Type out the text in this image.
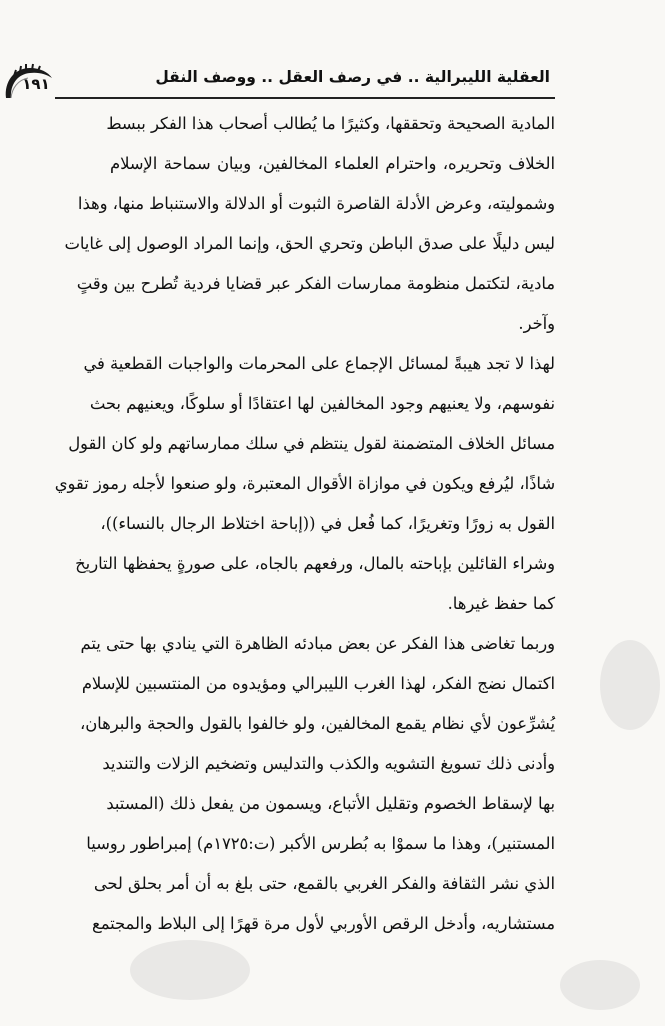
العقلية الليبرالية .. في رصف العقل .. ووصف النقل
١٩١
المادية الصحيحة وتحققها، وكثيرًا ما يُطالب أصحاب هذا الفكر ببسط
الخلاف وتحريره، واحترام العلماء المخالفين، وبيان سماحة الإسلام
وشموليته، وعرض الأدلة القاصرة الثبوت أو الدلالة والاستنباط منها، وهذا
ليس دليلًا على صدق الباطن وتحري الحق، وإنما المراد الوصول إلى غايات
مادية، لتكتمل منظومة ممارسات الفكر عبر قضايا فردية تُطرح بين وقتٍ
وآخر.
لهذا لا تجد هيبةً لمسائل الإجماع على المحرمات والواجبات القطعية في
نفوسهم، ولا يعنيهم وجود المخالفين لها اعتقادًا أو سلوكًا، ويعنيهم بحث
مسائل الخلاف المتضمنة لقول ينتظم في سلك ممارساتهم ولو كان القول
شاذًا، ليُرفع ويكون في موازاة الأقوال المعتبرة، ولو صنعوا لأجله رموز تقوي
القول به زورًا وتغريرًا، كما فُعل في ((إباحة اختلاط الرجال بالنساء))،
وشراء القائلين بإباحته بالمال، ورفعهم بالجاه، على صورةٍ يحفظها التاريخ
كما حفظ غيرها.
وربما تغاضى هذا الفكر عن بعض مبادئه الظاهرة التي ينادي بها حتى يتم
اكتمال نضج الفكر، لهذا الغرب الليبرالي ومؤيدوه من المنتسبين للإسلام
يُشرِّعون لأي نظام يقمع المخالفين، ولو خالفوا بالقول والحجة والبرهان،
وأدنى ذلك تسويغ التشويه والكذب والتدليس وتضخيم الزلات والتنديد
بها لإسقاط الخصوم وتقليل الأتباع، ويسمون من يفعل ذلك (المستبد
المستنير)، وهذا ما سموْا به بُطرس الأكبر (ت:١٧٢٥م) إمبراطور روسيا
الذي نشر الثقافة والفكر الغربي بالقمع، حتى بلغ به أن أمر بحلق لحى
مستشاريه، وأدخل الرقص الأوربي لأول مرة قهرًا إلى البلاط والمجتمع
